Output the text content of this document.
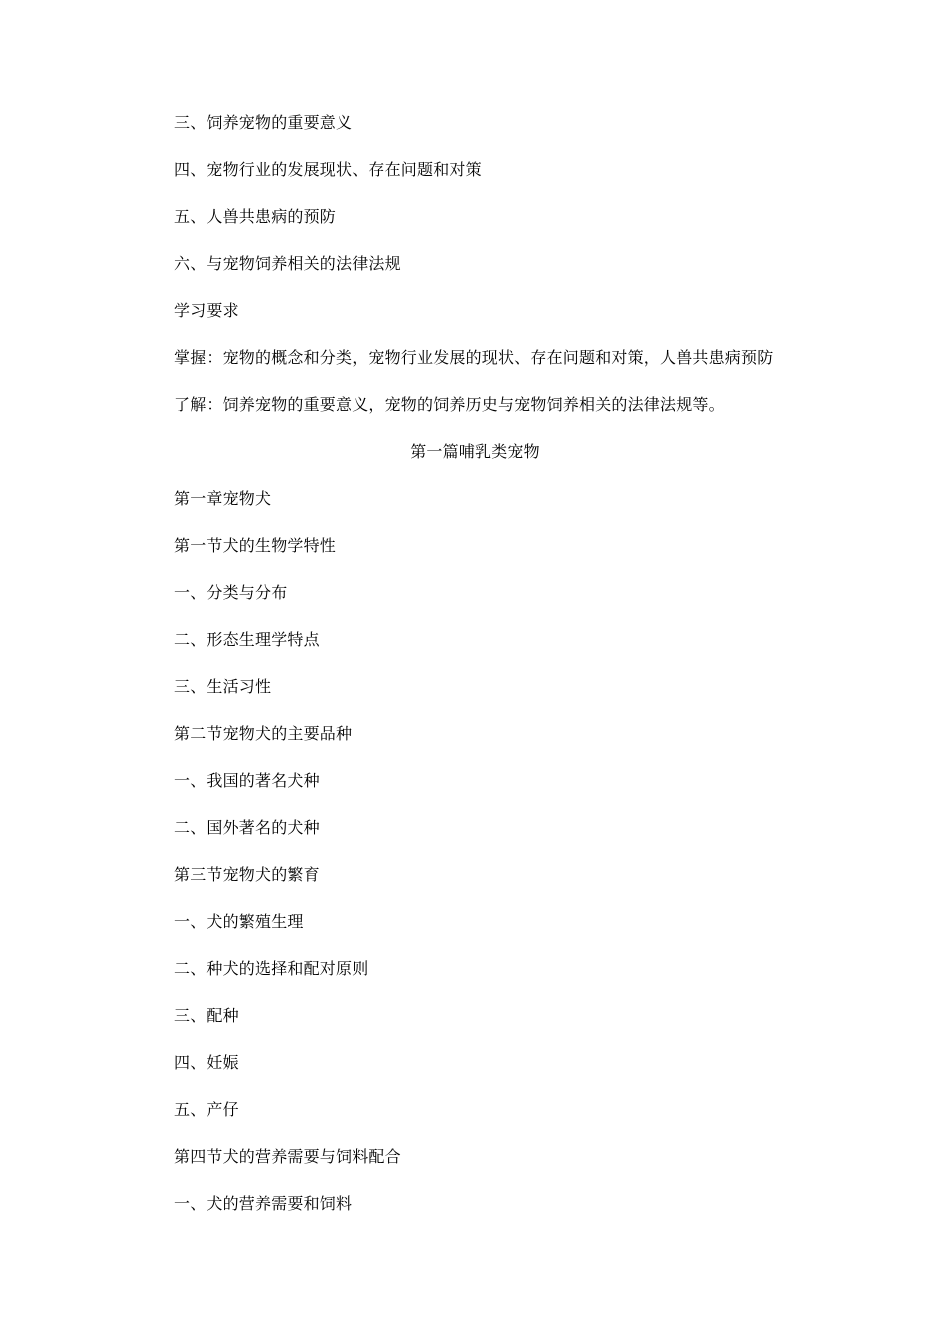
三、饲养宠物的重要意义
四、宠物行业的发展现状、存在问题和对策
五、人兽共患病的预防
六、与宠物饲养相关的法律法规
学习要求
掌握：宠物的概念和分类，宠物行业发展的现状、存在问题和对策，人兽共患病预防
了解：饲养宠物的重要意义，宠物的饲养历史与宠物饲养相关的法律法规等。
第一篇哺乳类宠物
第一章宠物犬
第一节犬的生物学特性
一、分类与分布
二、形态生理学特点
三、生活习性
第二节宠物犬的主要品种
一、我国的著名犬种
二、国外著名的犬种
第三节宠物犬的繁育
一、犬的繁殖生理
二、种犬的选择和配对原则
三、配种
四、妊娠
五、产仔
第四节犬的营养需要与饲料配合
一、犬的营养需要和饲料
